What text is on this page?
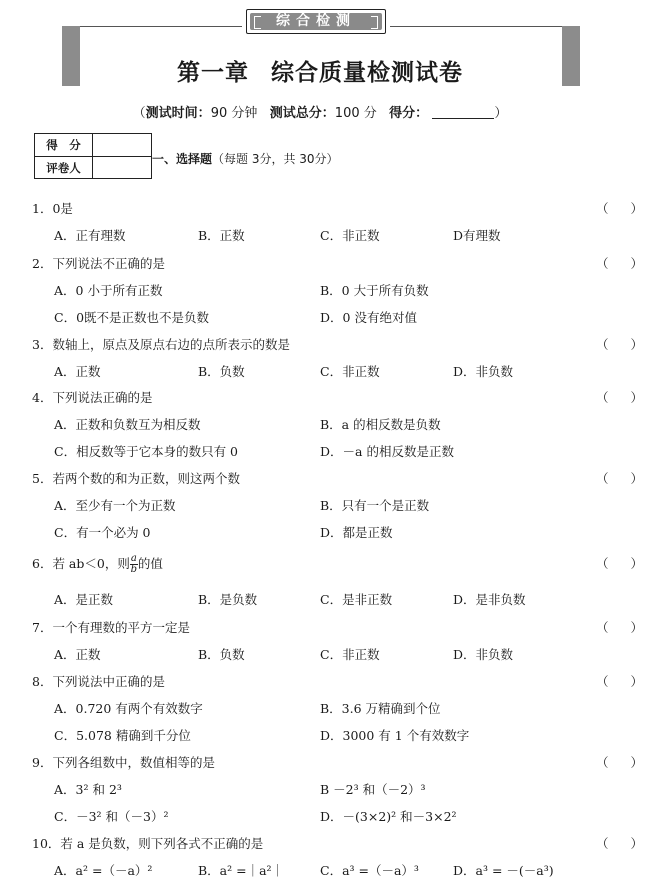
综合检测
第一章 综合质量检测试卷
（测试时间：90 分钟 测试总分：100 分 得分：	）
得　分
评卷人
一、选择题（每题 3分，共 30分）
1．0是	（）
A．正有理数	B．正数	C．非正数	D有理数
2．下列说法不正确的是	（）
A．0 小于所有正数	B．0 大于所有负数
C．0既不是正数也不是负数	D．0 没有绝对值
3．数轴上，原点及原点右边的点所表示的数是	（）
A．正数	B．负数	C．非正数	D．非负数
4．下列说法正确的是	（）
A．正数和负数互为相反数	B．a 的相反数是负数
C．相反数等于它本身的数只有 0	D．－a 的相反数是正数
5．若两个数的和为正数，则这两个数	（）
A．至少有一个为正数	B．只有一个是正数
C．有一个必为 0	D．都是正数
6．若 ab＜0，则 $\frac{a}{b}$ 的值	（）
A．是正数	B．是负数	C．是非正数	D．是非负数
7．一个有理数的平方一定是	（）
A．正数	B．负数	C．非正数	D．非负数
8．下列说法中正确的是	（）
A．0.720 有两个有效数字	B．3.6 万精确到个位
C．5.078 精确到千分位	D．3000 有 1 个有效数字
9．下列各组数中，数值相等的是	（）
A．3² 和 2³	B －2³ 和（－2）³
C．－3² 和（－3）²	D．－(3×2)² 和－3×2²
10．若 a 是负数，则下列各式不正确的是	（）
A．a² =（－a）²	B．a² =｜a²｜	C．a³ =（－a）³	D．a³ = －(－a³)
